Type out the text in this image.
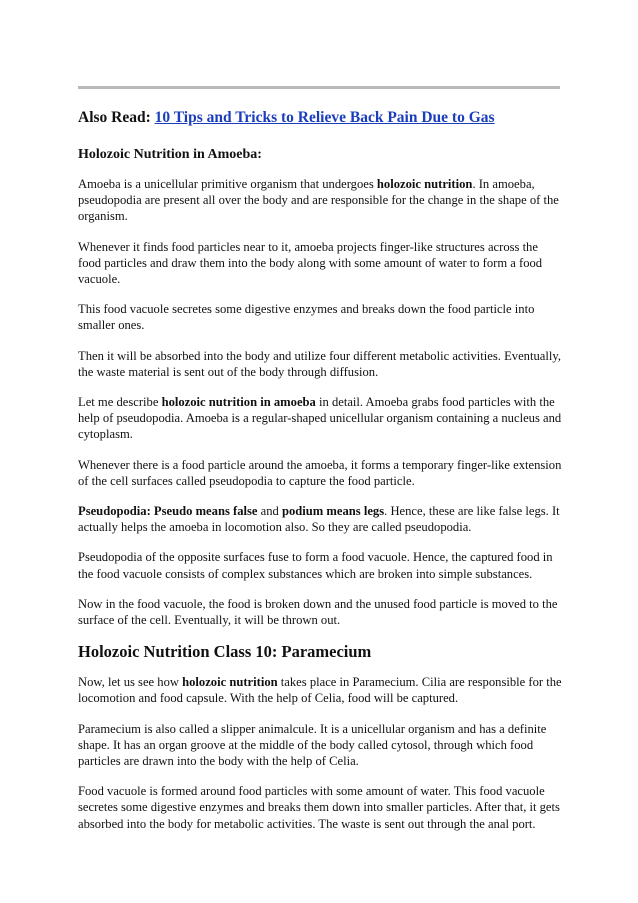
Also Read: 10 Tips and Tricks to Relieve Back Pain Due to Gas
Holozoic Nutrition in Amoeba:

Amoeba is a unicellular primitive organism that undergoes holozoic nutrition. In amoeba, pseudopodia are present all over the body and are responsible for the change in the shape of the organism.

Whenever it finds food particles near to it, amoeba projects finger-like structures across the food particles and draw them into the body along with some amount of water to form a food vacuole.

This food vacuole secretes some digestive enzymes and breaks down the food particle into smaller ones.

Then it will be absorbed into the body and utilize four different metabolic activities. Eventually, the waste material is sent out of the body through diffusion.

Let me describe holozoic nutrition in amoeba in detail. Amoeba grabs food particles with the help of pseudopodia. Amoeba is a regular-shaped unicellular organism containing a nucleus and cytoplasm.

Whenever there is a food particle around the amoeba, it forms a temporary finger-like extension of the cell surfaces called pseudopodia to capture the food particle.

Pseudopodia: Pseudo means false and podium means legs. Hence, these are like false legs. It actually helps the amoeba in locomotion also. So they are called pseudopodia.

Pseudopodia of the opposite surfaces fuse to form a food vacuole. Hence, the captured food in the food vacuole consists of complex substances which are broken into simple substances.

Now in the food vacuole, the food is broken down and the unused food particle is moved to the surface of the cell. Eventually, it will be thrown out.

Holozoic Nutrition Class 10: Paramecium

Now, let us see how holozoic nutrition takes place in Paramecium. Cilia are responsible for the locomotion and food capsule. With the help of Celia, food will be captured.

Paramecium is also called a slipper animalcule. It is a unicellular organism and has a definite shape. It has an organ groove at the middle of the body called cytosol, through which food particles are drawn into the body with the help of Celia.

Food vacuole is formed around food particles with some amount of water. This food vacuole secretes some digestive enzymes and breaks them down into smaller particles. After that, it gets absorbed into the body for metabolic activities. The waste is sent out through the anal port.
